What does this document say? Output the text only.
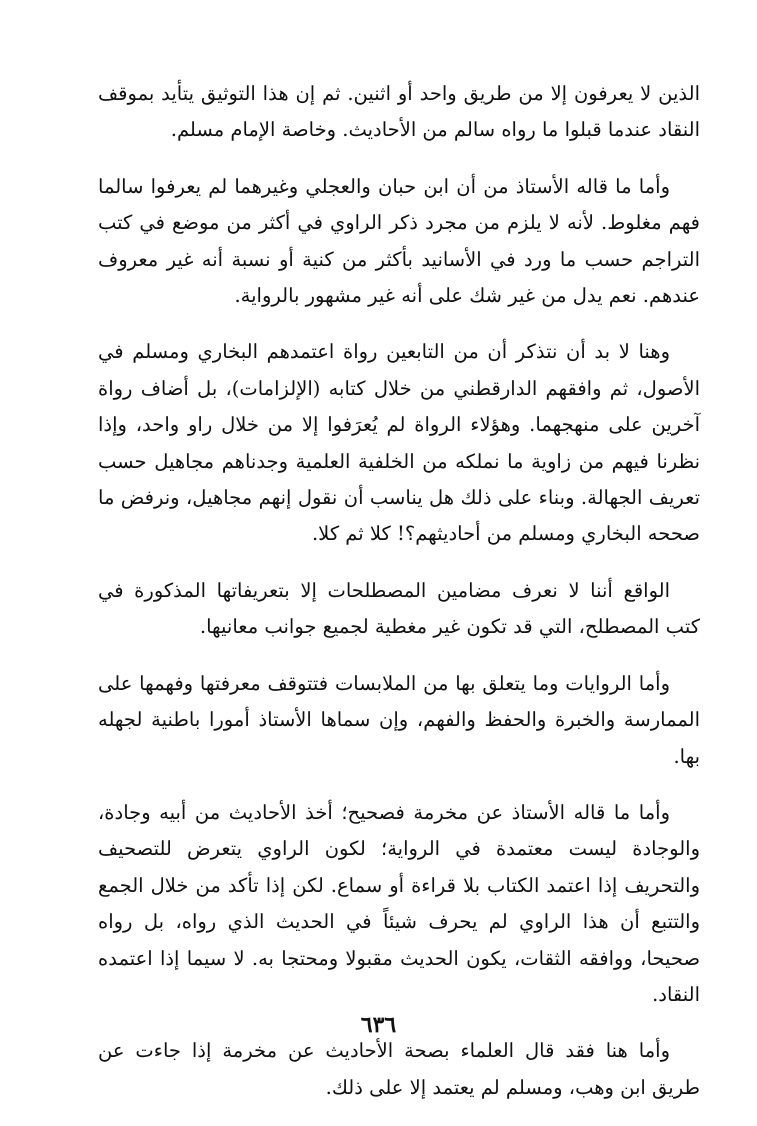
الذين لا يعرفون إلا من طريق واحد أو اثنين. ثم إن هذا التوثيق يتأيد بموقف النقاد عندما قبلوا ما رواه سالم من الأحاديث. وخاصة الإمام مسلم.

وأما ما قاله الأستاذ من أن ابن حبان والعجلي وغيرهما لم يعرفوا سالما فهم مغلوط. لأنه لا يلزم من مجرد ذكر الراوي في أكثر من موضع في كتب التراجم حسب ما ورد في الأسانيد بأكثر من كنية أو نسبة أنه غير معروف عندهم. نعم يدل من غير شك على أنه غير مشهور بالرواية.

وهنا لا بد أن نتذكر أن من التابعين رواة اعتمدهم البخاري ومسلم في الأصول، ثم وافقهم الدارقطني من خلال كتابه (الإلزامات)، بل أضاف رواة آخرين على منهجهما. وهؤلاء الرواة لم يُعرَفوا إلا من خلال راو واحد، وإذا نظرنا فيهم من زاوية ما نملكه من الخلفية العلمية وجدناهم مجاهيل حسب تعريف الجهالة. وبناء على ذلك هل يناسب أن نقول إنهم مجاهيل، ونرفض ما صححه البخاري ومسلم من أحاديثهم؟! كلا ثم كلا.

الواقع أننا لا نعرف مضامين المصطلحات إلا بتعريفاتها المذكورة في كتب المصطلح، التي قد تكون غير مغطية لجميع جوانب معانيها.

وأما الروايات وما يتعلق بها من الملابسات فتتوقف معرفتها وفهمها على الممارسة والخبرة والحفظ والفهم، وإن سماها الأستاذ أمورا باطنية لجهله بها.

وأما ما قاله الأستاذ عن مخرمة فصحيح؛ أخذ الأحاديث من أبيه وجادة، والوجادة ليست معتمدة في الرواية؛ لكون الراوي يتعرض للتصحيف والتحريف إذا اعتمد الكتاب بلا قراءة أو سماع. لكن إذا تأكد من خلال الجمع والتتبع أن هذا الراوي لم يحرف شيئاً في الحديث الذي رواه، بل رواه صحيحا، ووافقه الثقات، يكون الحديث مقبولا ومحتجا به. لا سيما إذا اعتمده النقاد.

وأما هنا فقد قال العلماء بصحة الأحاديث عن مخرمة إذا جاءت عن طريق ابن وهب، ومسلم لم يعتمد إلا على ذلك.

٦٣٦
